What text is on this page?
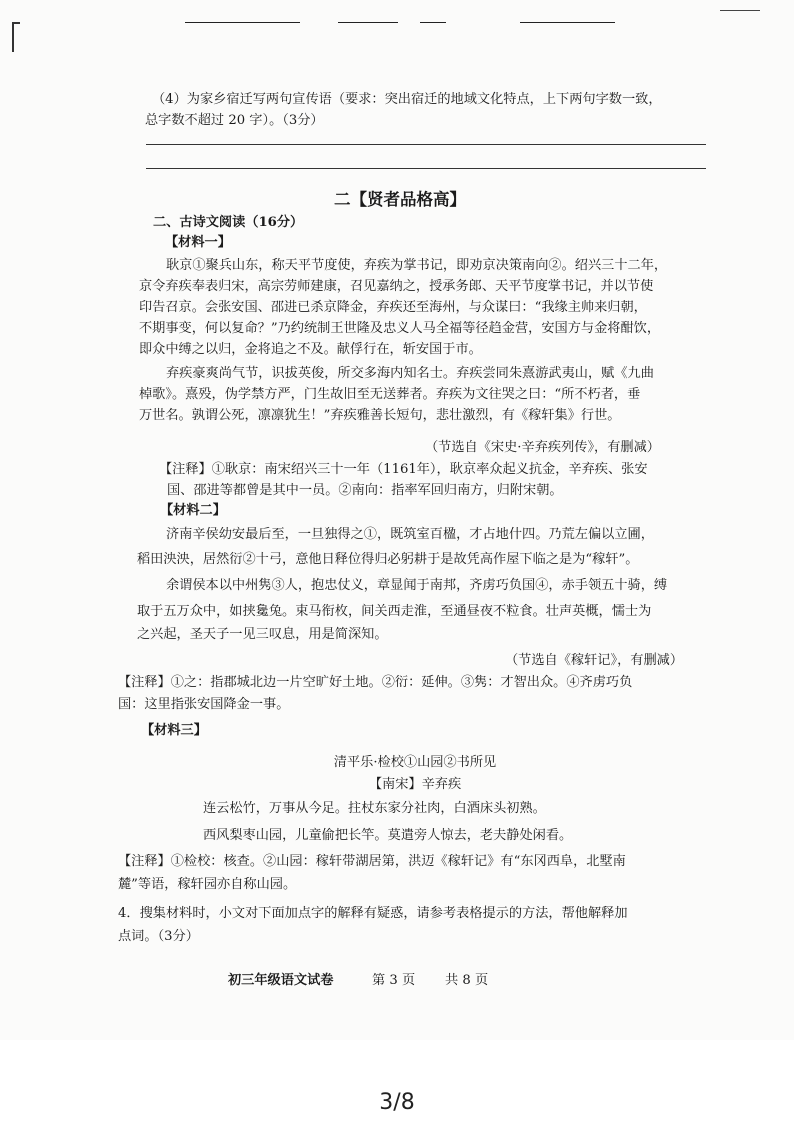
（4）为家乡宿迁写两句宣传语（要求：突出宿迁的地域文化特点，上下两句字数一致，
总字数不超过 20 字）。（3分）
二【贤者品格高】
二、古诗文阅读（16分）
【材料一】
耿京①聚兵山东，称天平节度使，弃疾为掌书记，即劝京决策南向②。绍兴三十二年，
京令弃疾奉表归宋，高宗劳师建康，召见嘉纳之，授承务郎、天平节度掌书记，并以节使
印告召京。会张安国、邵进已杀京降金，弃疾还至海州，与众谋曰：“我缘主帅来归朝，
不期事变，何以复命？”乃约统制王世隆及忠义人马全福等径趋金营，安国方与金将酣饮，
即众中缚之以归，金将追之不及。献俘行在，斩安国于市。
弃疾豪爽尚气节，识拔英俊，所交多海内知名士。弃疾尝同朱熹游武夷山，赋《九曲
棹歌》。熹殁，伪学禁方严，门生故旧至无送葬者。弃疾为文往哭之曰：“所不朽者，垂
万世名。孰谓公死，凛凛犹生！”弃疾雅善长短句，悲壮激烈，有《稼轩集》行世。
（节选自《宋史·辛弃疾列传》，有删减）
【注释】①耿京：南宋绍兴三十一年（1161年），耿京率众起义抗金，辛弃疾、张安
国、邵进等都曾是其中一员。②南向：指率军回归南方，归附宋朝。
【材料二】
济南辛侯幼安最后至，一旦独得之①，既筑室百楹，才占地什四。乃荒左偏以立圃，
稻田泱泱，居然衍②十弓，意他日释位得归必躬耕于是故凭高作屋下临之是为“稼轩”。
余谓侯本以中州隽③人，抱忠仗义，章显闻于南邦，齐虏巧负国④，赤手领五十骑，缚
取于五万众中，如挟毚兔。束马衔枚，间关西走淮，至通昼夜不粒食。壮声英概，懦士为
之兴起，圣天子一见三叹息，用是简深知。
（节选自《稼轩记》，有删减）
【注释】①之：指郡城北边一片空旷好土地。②衍：延伸。③隽：才智出众。④齐虏巧负
国：这里指张安国降金一事。
【材料三】
清平乐·检校①山园②书所见
【南宋】辛弃疾
连云松竹，万事从今足。拄杖东家分社肉，白酒床头初熟。
西风梨枣山园，儿童偷把长竿。莫遣旁人惊去，老夫静处闲看。
【注释】①检校：核查。②山园：稼轩带湖居第，洪迈《稼轩记》有“东冈西阜，北墅南
麓”等语，稼轩园亦自称山园。
4．搜集材料时，小文对下面加点字的解释有疑惑，请参考表格提示的方法，帮他解释加
点词。（3分）
初三年级语文试卷	第 3 页 共 8 页
3/8
